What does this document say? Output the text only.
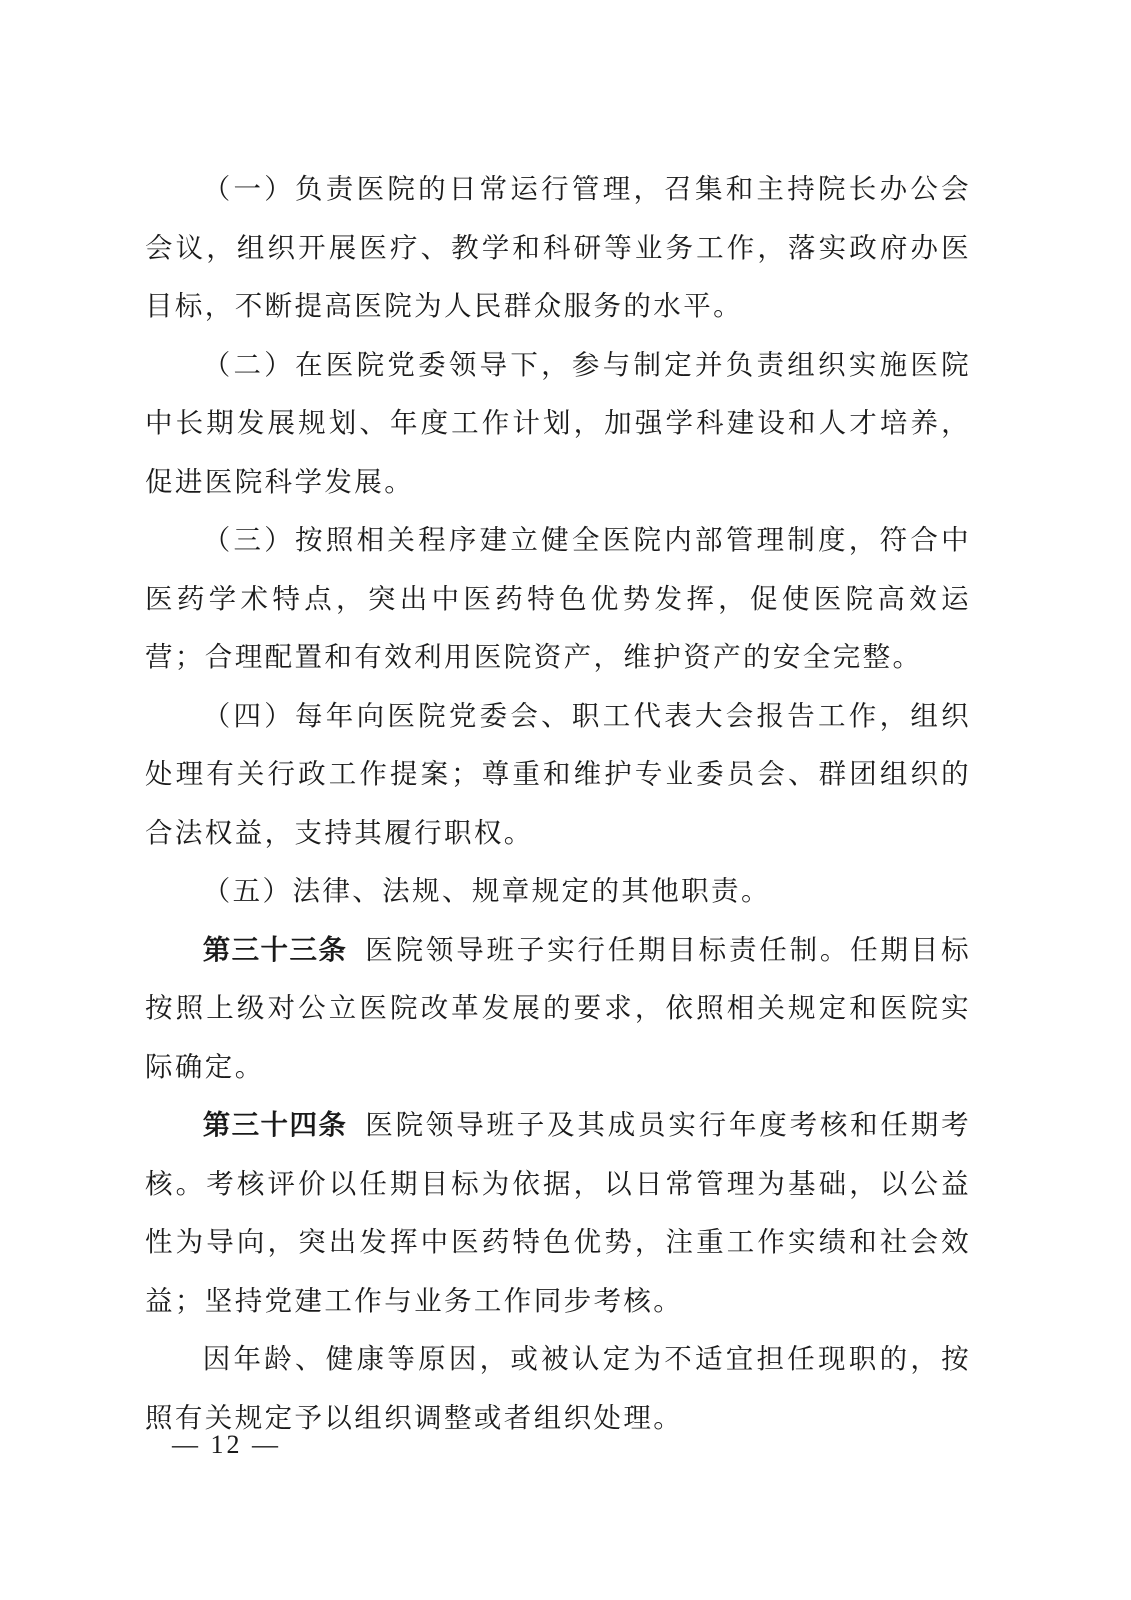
（一）负责医院的日常运行管理，召集和主持院长办公会会议，组织开展医疗、教学和科研等业务工作，落实政府办医目标，不断提高医院为人民群众服务的水平。

（二）在医院党委领导下，参与制定并负责组织实施医院中长期发展规划、年度工作计划，加强学科建设和人才培养，促进医院科学发展。

（三）按照相关程序建立健全医院内部管理制度，符合中医药学术特点，突出中医药特色优势发挥，促使医院高效运营；合理配置和有效利用医院资产，维护资产的安全完整。

（四）每年向医院党委会、职工代表大会报告工作，组织处理有关行政工作提案；尊重和维护专业委员会、群团组织的合法权益，支持其履行职权。

（五）法律、法规、规章规定的其他职责。

第三十三条 医院领导班子实行任期目标责任制。任期目标按照上级对公立医院改革发展的要求，依照相关规定和医院实际确定。

第三十四条 医院领导班子及其成员实行年度考核和任期考核。考核评价以任期目标为依据，以日常管理为基础，以公益性为导向，突出发挥中医药特色优势，注重工作实绩和社会效益；坚持党建工作与业务工作同步考核。

因年龄、健康等原因，或被认定为不适宜担任现职的，按照有关规定予以组织调整或者组织处理。

— 12 —
